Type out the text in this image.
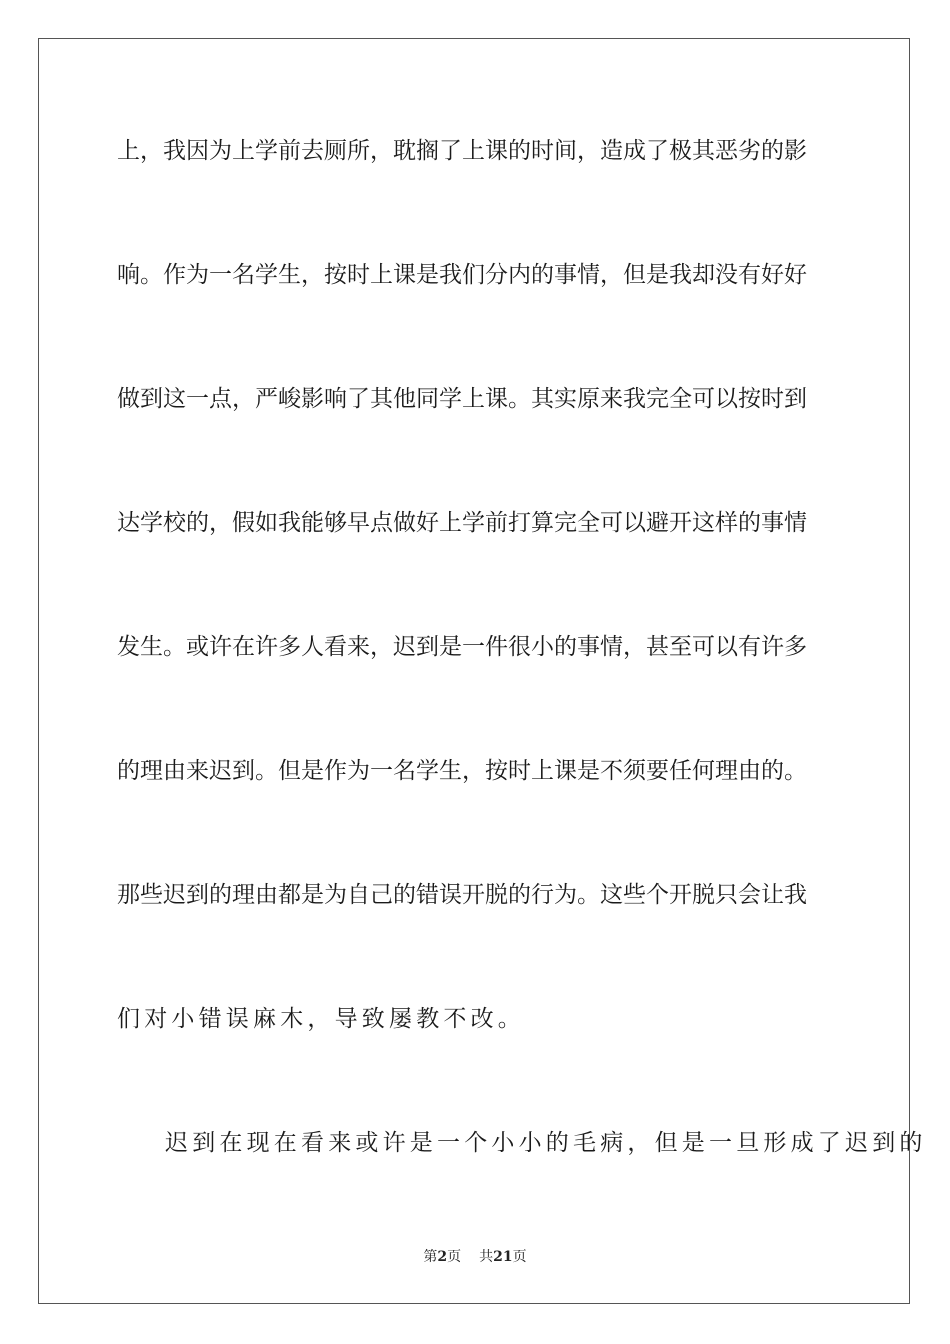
上，我因为上学前去厕所，耽搁了上课的时间，造成了极其恶劣的影
响。作为一名学生，按时上课是我们分内的事情，但是我却没有好好
做到这一点，严峻影响了其他同学上课。其实原来我完全可以按时到
达学校的，假如我能够早点做好上学前打算完全可以避开这样的事情
发生。或许在许多人看来，迟到是一件很小的事情，甚至可以有许多
的理由来迟到。但是作为一名学生，按时上课是不须要任何理由的。
那些迟到的理由都是为自己的错误开脱的行为。这些个开脱只会让我
们对小错误麻木，导致屡教不改。
迟到在现在看来或许是一个小小的毛病，但是一旦形成了迟到的
第2页 共21页
